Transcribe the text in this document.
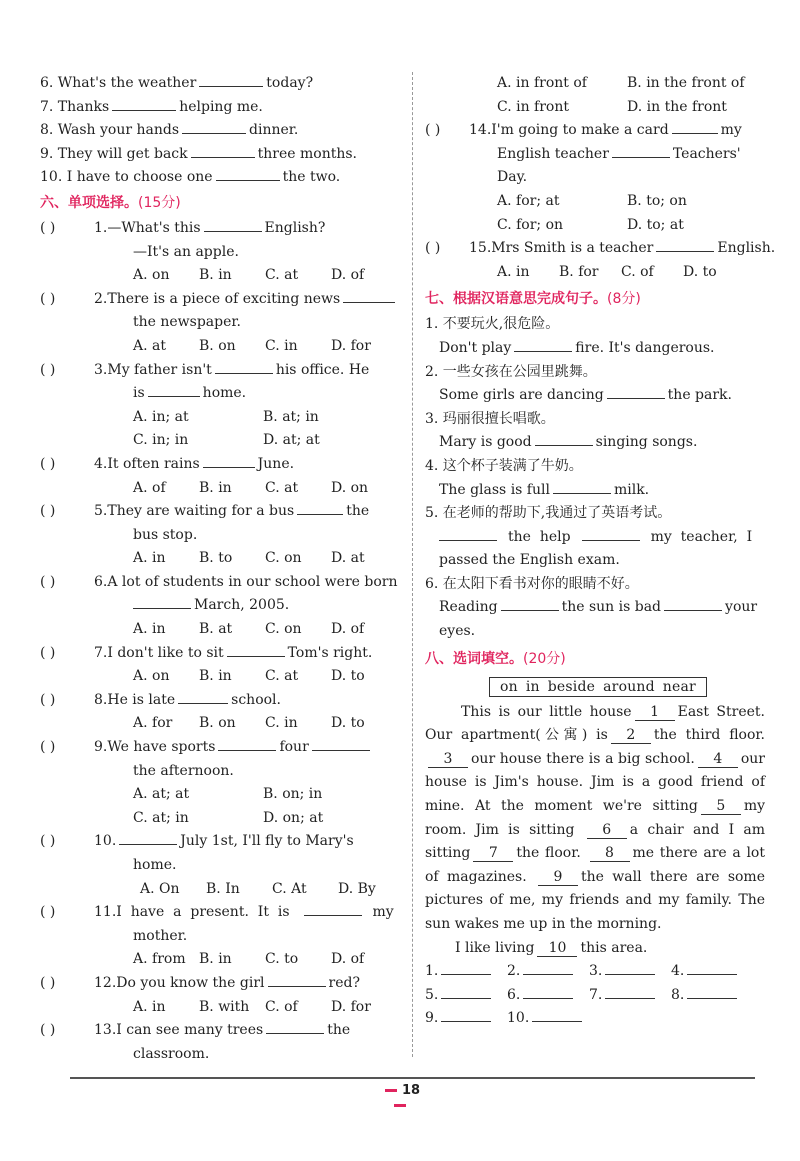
6. What's the weather	today?
7. Thanks	helping me.
8. Wash your hands	dinner.
9. They will get back	three months.
10. I have to choose one	the two.
六、单项选择。(15分)
( )	1.—What's this	English?
—It's an apple.
A. on B. in C. at D. of
( )	2.There is a piece of exciting news
the newspaper.
A. at B. on C. in D. for
( )	3.My father isn't	his office. He
is	home.
A. in; at	B. at; in
C. in; in	D. at; at
( )	4.It often rains	June.
A. of B. in C. at D. on
( )	5.They are waiting for a bus	the
bus stop.
A. in B. to C. on D. at
( )	6.A lot of students in our school were born
March, 2005.
A. in B. at C. on D. of
( )	7.I don't like to sit	Tom's right.
A. on B. in C. at D. to
( )	8.He is late	school.
A. for B. on C. in D. to
( )	9.We have sports	four
the afternoon.
A. at; at	B. on; in
C. at; in	D. on; at
( )	10.	July 1st, I'll fly to Mary's
home.
A. On B. In C. At D. By
( )	11.I  have  a  present.  It  is	my
mother.
A. from B. in C. to D. of
( )	12.Do you know the girl	red?
A. in B. with C. of D. for
( )	13.I can see many trees	the
classroom.
A. in front of	B. in the front of
C. in front	D. in the front
( ) 14.I'm going to make a card	my
English teacher	Teachers'
Day.
A. for; at	B. to; on
C. for; on	D. to; at
( ) 15.Mrs Smith is a teacher	English.
A. in B. for C. of D. to
七、根据汉语意思完成句子。(8分)
1. 不要玩火,很危险。
Don't play	fire. It's dangerous.
2. 一些女孩在公园里跳舞。
Some girls are dancing	the park.
3. 玛丽很擅长唱歌。
Mary is good	singing songs.
4. 这个杯子装满了牛奶。
The glass is full	milk.
5. 在老师的帮助下,我通过了英语考试。
the  help	my  teacher,  I
passed the English exam.
6. 在太阳下看书对你的眼睛不好。
Reading	the sun is bad	your
eyes.
八、选词填空。(20分)
on in beside around near
This is our little house 1 East Street. Our apartment(公寓) is 2 the third floor. 3 our house there is a big school. 4 our house is Jim's house. Jim is a good friend of mine. At the moment we're sitting 5 my room. Jim is sitting 6 a chair and I am sitting 7 the floor. 8 me there are a lot of magazines. 9 the wall there are some pictures of me, my friends and my family. The sun wakes me up in the morning.
I like living 10 this area.
1.	2.	3.	4.
5.	6.	7.	8.
9.	10.
18
